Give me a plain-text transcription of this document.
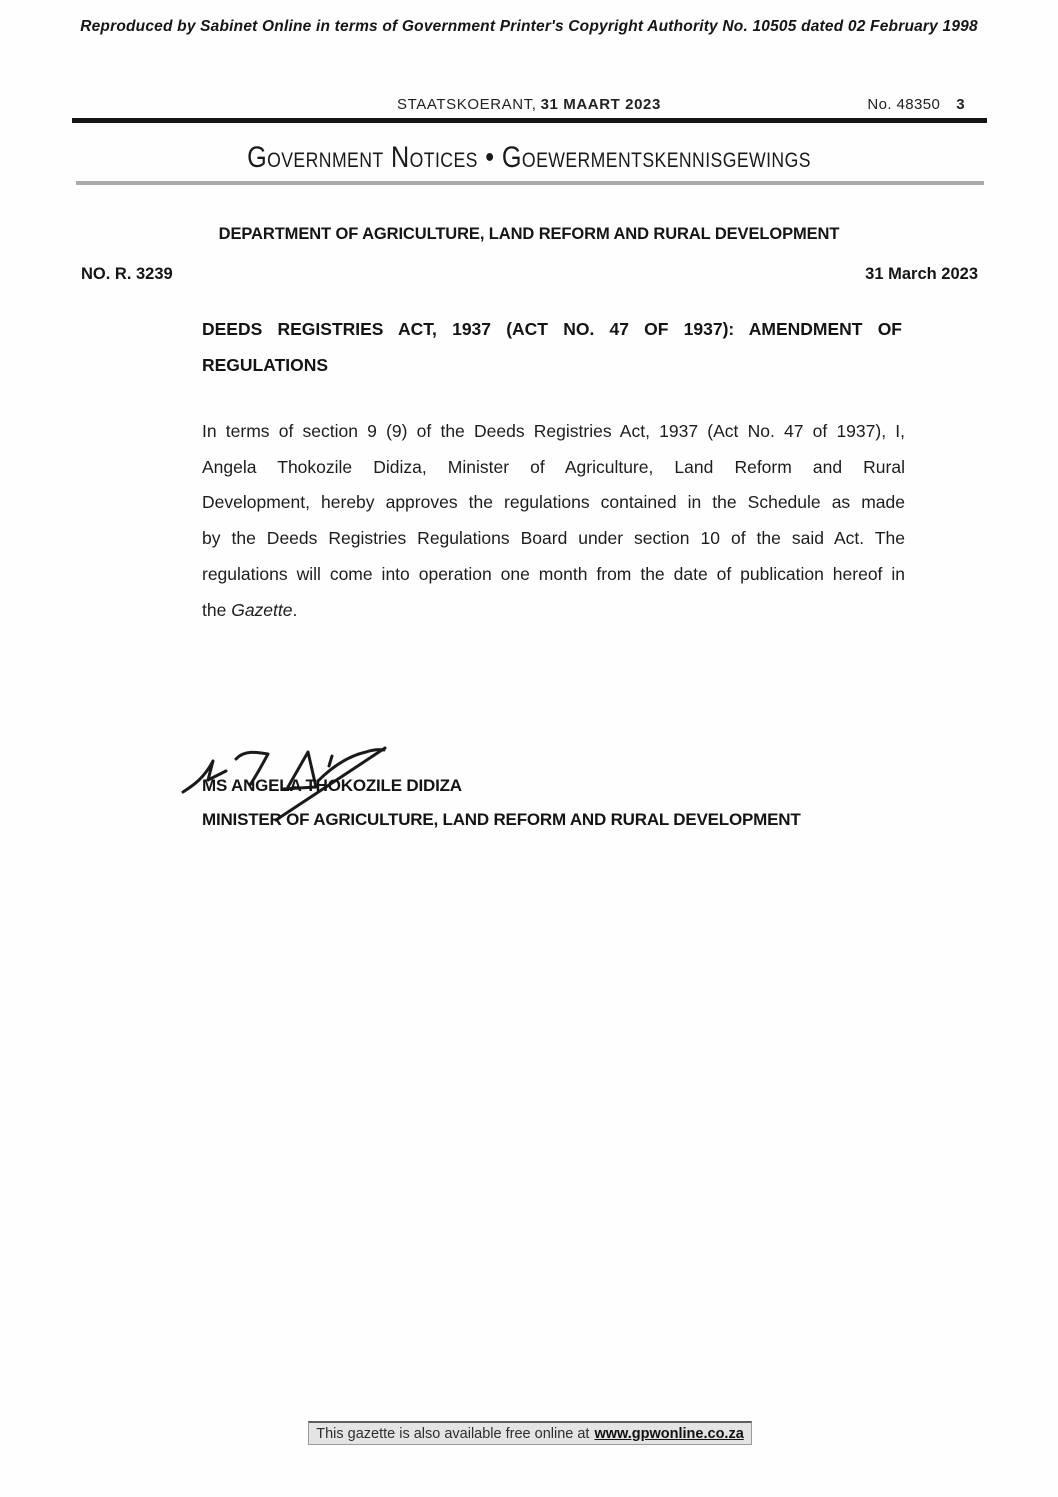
Reproduced by Sabinet Online in terms of Government Printer's Copyright Authority No. 10505 dated 02 February 1998
STAATSKOERANT, 31 MAART 2023	No. 48350 3
Government Notices • Goewermentskennisgewings
DEPARTMENT OF AGRICULTURE, LAND REFORM AND RURAL DEVELOPMENT
NO. R. 3239	31 March 2023
DEEDS REGISTRIES ACT, 1937 (ACT NO. 47 OF 1937): AMENDMENT OF
REGULATIONS
In terms of section 9 (9) of the Deeds Registries Act, 1937 (Act No. 47 of 1937), I,
Angela Thokozile Didiza, Minister of Agriculture, Land Reform and Rural
Development, hereby approves the regulations contained in the Schedule as made
by the Deeds Registries Regulations Board under section 10 of the said Act. The
regulations will come into operation one month from the date of publication hereof in
the Gazette.
MS ANGELA THOKOZILE DIDIZA
MINISTER OF AGRICULTURE, LAND REFORM AND RURAL DEVELOPMENT
This gazette is also available free online at www.gpwonline.co.za
